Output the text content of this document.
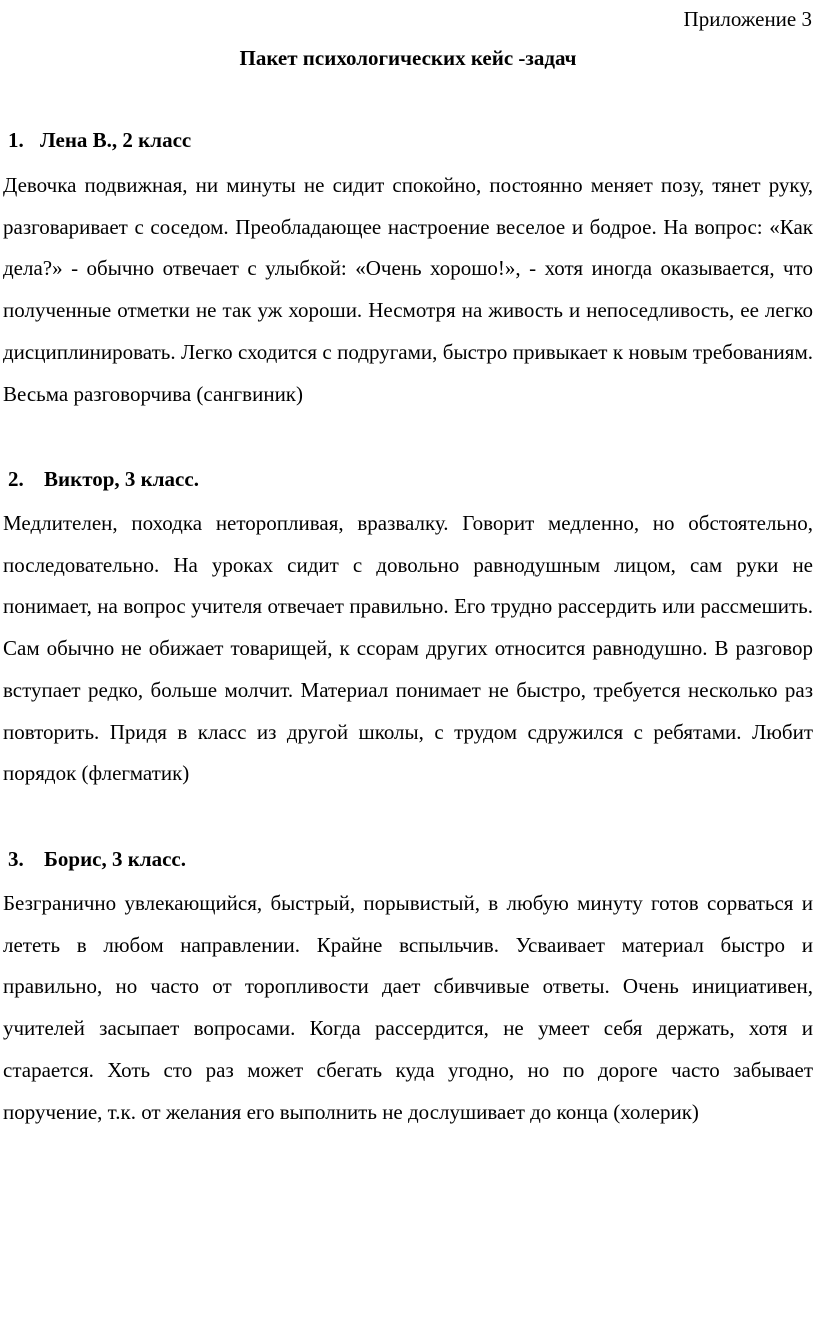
Приложение 3
Пакет психологических кейс -задач
1. Лена В., 2 класс

Девочка подвижная, ни минуты не сидит спокойно, постоянно меняет позу, тянет руку, разговаривает с соседом. Преобладающее настроение веселое и бодрое. На вопрос: «Как дела?» - обычно отвечает с улыбкой: «Очень хорошо!», - хотя иногда оказывается, что полученные отметки не так уж хороши. Несмотря на живость и непоседливость, ее легко дисциплинировать. Легко сходится с подругами, быстро привыкает к новым требованиям. Весьма разговорчива (сангвиник)

2. Виктор, 3 класс.

Медлителен, походка неторопливая, вразвалку. Говорит медленно, но обстоятельно, последовательно. На уроках сидит с довольно равнодушным лицом, сам руки не понимает, на вопрос учителя отвечает правильно. Его трудно рассердить или рассмешить. Сам обычно не обижает товарищей, к ссорам других относится равнодушно. В разговор вступает редко, больше молчит. Материал понимает не быстро, требуется несколько раз повторить. Придя в класс из другой школы, с трудом сдружился с ребятами. Любит порядок (флегматик)

3. Борис, 3 класс.

Безгранично увлекающийся, быстрый, порывистый, в любую минуту готов сорваться и лететь в любом направлении. Крайне вспыльчив. Усваивает материал быстро и правильно, но часто от торопливости дает сбивчивые ответы. Очень инициативен, учителей засыпает вопросами. Когда рассердится, не умеет себя держать, хотя и старается. Хоть сто раз может сбегать куда угодно, но по дороге часто забывает поручение, т.к. от желания его выполнить не дослушивает до конца (холерик)
